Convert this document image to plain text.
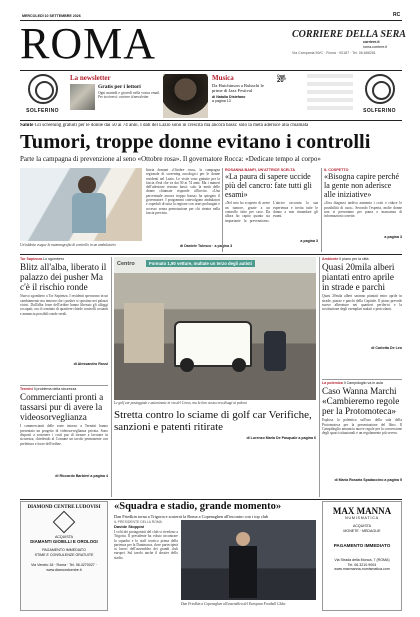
MERCOLEDÌ 10 SETTEMBRE 2026	RC
ROMA	CORRIERE DELLA SERA
corriere.it
roma.corriere.it
Via Campania 59/C · Roma · 00187 · Tel. 06.688281
SOLFERINO
La newsletter
Gratis per i lettori
Ogni martedì e giovedì nella vostra email. Per iscriversi: corriere.it/newsletter
Musica
Da Hutchinson a Rubachi le prime di Jazz Festival
di Natalia Distefano
a pagina 13
Oggi
20°
SOLFERINO
Salute Gli screening gratuiti per le donne dai 50 ai 74 anni. I dati del Lazio sono in crescita ma ancora bassi: solo la metà aderisce alla chiamata
Tumori, troppe donne evitano i controlli
Parte la campagna di prevenzione al seno «Ottobre rosa». Il governatore Rocca: «Dedicate tempo al corpo»
Un'addetta esegue la mammografia di controllo in un ambulatorio
Inizia domani «Ottobre rosa», la campagna regionale di screening oncologici per le donne residenti nel Lazio. Le visite sono gratuite per la fascia d'età che va dai 50 ai 74 anni. Ma i numeri dell'adesione restano bassi: solo la metà delle donne chiamate risponde all'invito. «Una percentuale ancora troppo bassa» ha spiegato il governatore. I programmi coinvolgono ambulatori e ospedali di tutta la regione con orari prolungati e accesso senza prenotazione per chi rientra nella fascia prevista.
di Daniele Tolesco · a pagina 3
ROSANNA BANFI, UN'ATTRICE SCELTA
«La paura di sapere uccide più del cancro: fate tutti gli esami»
«Nel mio ho scoperto di avere un tumore, grazie a un controllo fatto per caso. Da allora ho capito quanto sia importante la prevenzione». L'attrice racconta la sua esperienza e invita tutte le donne a non rimandare gli esami.
a pagina 3
IL COSPETTO
«Bisogna capire perché la gente non aderisce alle iniziative»
«Una diagnosi tardiva aumenta i costi e riduce le possibilità di cura». Secondo l'esperta, molte donne non si presentano per paura o mancanza di informazioni corrette.
a pagina 3
Tor Sapienza Lo sgombero
Blitz all'alba, liberato il palazzo dei pusher Ma c'è il rischio ronde
Nuovo sgombero a Tor Sapienza. I residenti speravano in un cambiamento ma temono che i pusher si spostino nei palazzi vicini. Dall'alba forze dell'ordine hanno liberato gli alloggi occupati; ora il comitato di quartiere chiede controlli costanti e annuncia possibili ronde serali.
di Alessandro Rossi
Termini Il problema della sicurezza
Commercianti pronti a tassarsi pur di avere la videosorveglianza
I commercianti delle zone intorno a Termini hanno presentato un progetto di videosorveglianza privata. Sono disposti a sostenere i costi pur di tornare a lavorare in sicurezza, chiedendo al Comune un tavolo permanente con prefettura e forze dell'ordine.
di Riccardo Barbieri a pagina 4
Centro	Formato 1,90 vetture, multate un terzo degli autisti
Le golf car posteggiate e autorizzate in via del Corso, ma la loro sosta crea disagi ai pedoni
Stretta contro lo sciame di golf car Verifiche, sanzioni e patenti ritirate
di Lorenzo Maria De Pasquale a pagina 6
Ambiente Il piano per la città
Quasi 20mila alberi piantati entro aprile in strade e parchi
Quasi 20mila alberi saranno piantati entro aprile in strade, piazze e parchi della Capitale. Il piano prevede nuove alberature nei quartieri periferici e la sostituzione degli esemplari malati o pericolanti.
di Carlotta De Leo
La polemica Il Campidoglio va in aula
Caso Wanna Marchi «Cambieremo regole per la Protomoteca»
Esplosa la polemica sull'uso della sala della Protomoteca per la presentazione del libro. Il Campidoglio annuncia nuove regole per la concessione degli spazi istituzionali e un regolamento più severo.
di Maria Rosaria Spadaccino a pagina 5
DIAMOND CENTRE LUDOVISI
ACQUISTA
DIAMANTI GIOIELLI E OROLOGI
PAGAMENTO IMMEDIATO
STIME E CONSULENZE GRATUITE
Via Veneto 18 · Roma · Tel. 06.4270027 · www.diamondcentre.it
«Squadra e stadio, grande momento»
Dan Friedkin torna a Trigoria e sosterrà la Roma a Copenaghen all'incontro con i top club
IL PRESIDENTE DELLA ROMA
Davide Stoppini
I volti dei protagonisti del club si rivedono a Trigoria. Il presidente ha voluto incontrare la squadra e lo staff tecnico prima della partenza per la Danimarca, dove parteciperà ai lavori dell'assemblea dei grandi club europei. Sul tavolo anche il dossier dello stadio.
Dan Friedkin a Copenaghen all'assemblea del European Football Clubs
MAX MANNA
NUMISMATICA
ACQUISTA
MONETE · MEDAGLIE
PAGAMENTO IMMEDIATO
Via Strada della Monca, 7 (ROMA)
Tel. 06.3210.9004
www.maxmanna-numismatica.com
